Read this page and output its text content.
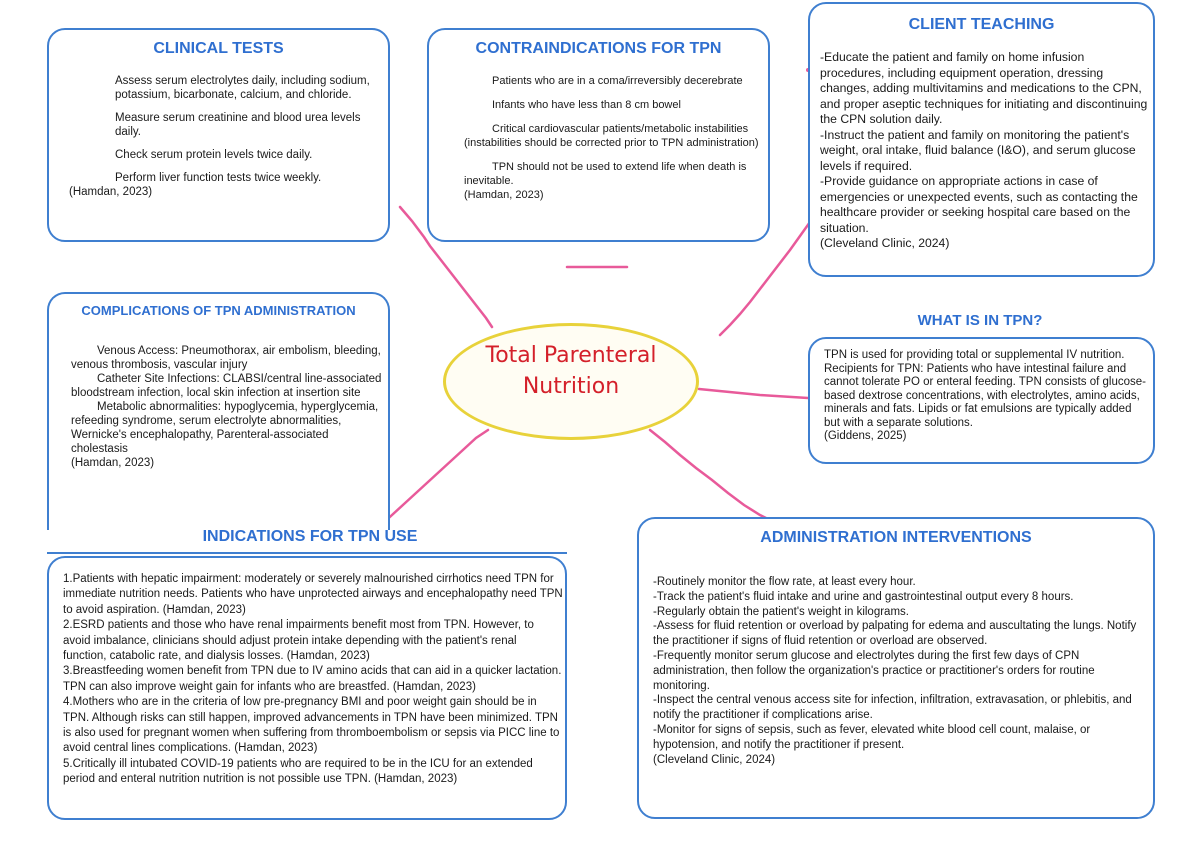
CLINICAL TESTS

Assess serum electrolytes daily, including sodium, potassium, bicarbonate, calcium, and chloride.

Measure serum creatinine and blood urea levels daily.

Check serum protein levels twice daily.

Perform liver function tests twice weekly.

(Hamdan, 2023)
CONTRAINDICATIONS FOR TPN

Patients who are in a coma/irreversibly decerebrate

Infants who have less than 8 cm bowel

Critical cardiovascular patients/metabolic instabilities (instabilities should be corrected prior to TPN administration)

TPN should not be used to extend life when death is inevitable.

(Hamdan, 2023)
CLIENT TEACHING
-Educate the patient and family on home infusion procedures, including equipment operation, dressing changes, adding multivitamins and medications to the CPN, and proper aseptic techniques for initiating and discontinuing the CPN solution daily.
-Instruct the patient and family on monitoring the patient's weight, oral intake, fluid balance (I&O), and serum glucose levels if required.
-Provide guidance on appropriate actions in case of emergencies or unexpected events, such as contacting the healthcare provider or seeking hospital care based on the situation.
(Cleveland Clinic, 2024)
COMPLICATIONS OF TPN ADMINISTRATION

Venous Access: Pneumothorax, air embolism, bleeding, venous thrombosis, vascular injury

Catheter Site Infections: CLABSI/central line-associated bloodstream infection, local skin infection at insertion site

Metabolic abnormalities: hypoglycemia, hyperglycemia, refeeding syndrome, serum electrolyte abnormalities, Wernicke's encephalopathy, Parenteral-associated cholestasis

(Hamdan, 2023)
WHAT IS IN TPN?
TPN is used for providing total or supplemental IV nutrition. Recipients for TPN: Patients who have intestinal failure and cannot tolerate PO or enteral feeding. TPN consists of glucose-based dextrose concentrations, with electrolytes, amino acids, minerals and fats. Lipids or fat emulsions are typically added but with a separate solutions.
(Giddens, 2025)
Total Parenteral Nutrition
INDICATIONS FOR TPN USE
1.Patients with hepatic impairment: moderately or severely malnourished cirrhotics need TPN for immediate nutrition needs. Patients who have unprotected airways and encephalopathy need TPN to avoid aspiration. (Hamdan, 2023)
2.ESRD patients and those who have renal impairments benefit most from TPN. However, to avoid imbalance, clinicians should adjust protein intake depending with the patient's renal function, catabolic rate, and dialysis losses. (Hamdan, 2023)
3.Breastfeeding women benefit from TPN due to IV amino acids that can aid in a quicker lactation. TPN can also improve weight gain for infants who are breastfed. (Hamdan, 2023)
4.Mothers who are in the criteria of low pre-pregnancy BMI and poor weight gain should be in TPN. Although risks can still happen, improved advancements in TPN have been minimized. TPN is also used for pregnant women when suffering from thromboembolism or sepsis via PICC line to avoid central lines complications. (Hamdan, 2023)
5.Critically ill intubated COVID-19 patients who are required to be in the ICU for an extended period and enteral nutrition nutrition is not possible use TPN. (Hamdan, 2023)
ADMINISTRATION INTERVENTIONS
-Routinely monitor the flow rate, at least every hour.
-Track the patient's fluid intake and urine and gastrointestinal output every 8 hours.
-Regularly obtain the patient's weight in kilograms.
-Assess for fluid retention or overload by palpating for edema and auscultating the lungs. Notify the practitioner if signs of fluid retention or overload are observed.
-Frequently monitor serum glucose and electrolytes during the first few days of CPN administration, then follow the organization's practice or practitioner's orders for routine monitoring.
-Inspect the central venous access site for infection, infiltration, extravasation, or phlebitis, and notify the practitioner if complications arise.
-Monitor for signs of sepsis, such as fever, elevated white blood cell count, malaise, or hypotension, and notify the practitioner if present.
(Cleveland Clinic, 2024)
